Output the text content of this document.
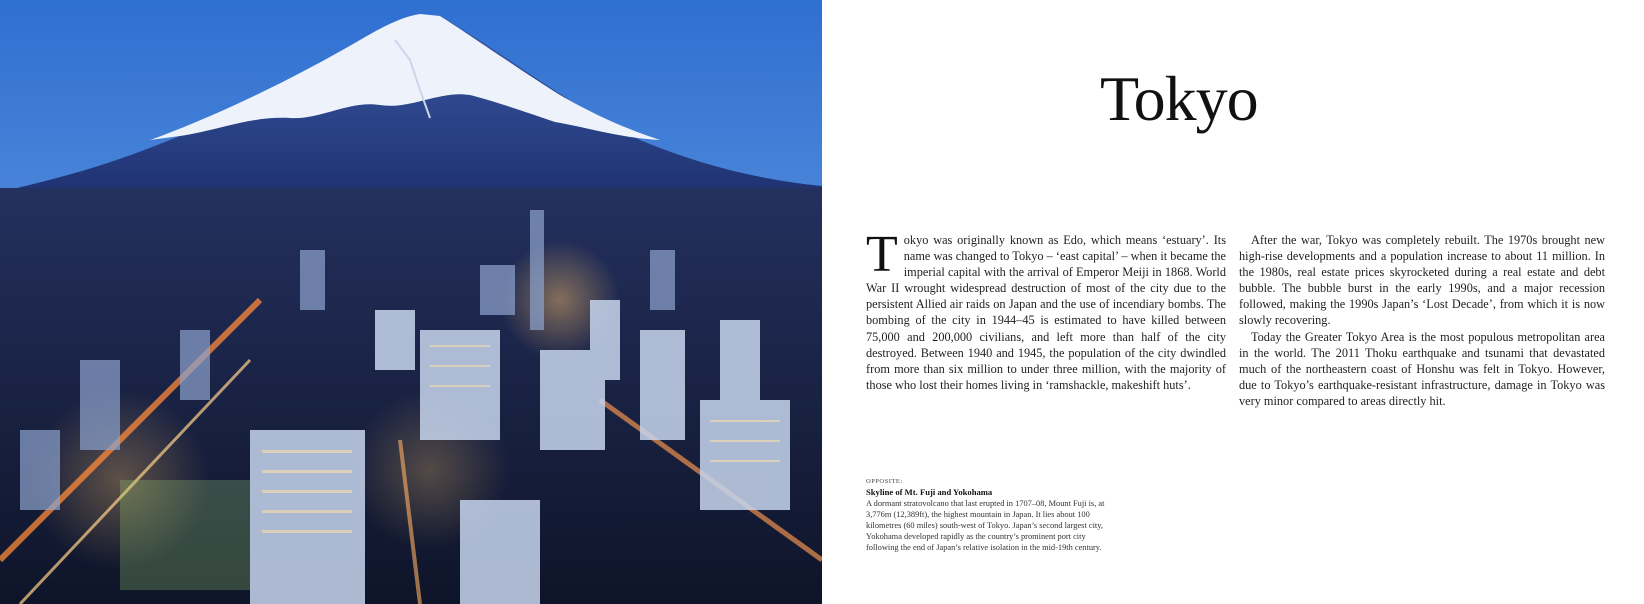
Tokyo

Tokyo was originally known as Edo, which means ‘estuary’. Its name was changed to Tokyo – ‘east capital’ – when it became the imperial capital with the arrival of Emperor Meiji in 1868. World War II wrought widespread destruction of most of the city due to the persistent Allied air raids on Japan and the use of incendiary bombs. The bombing of the city in 1944–45 is estimated to have killed between 75,000 and 200,000 civilians, and left more than half of the city destroyed. Between 1940 and 1945, the population of the city dwindled from more than six million to under three million, with the majority of those who lost their homes living in ‘ramshackle, makeshift huts’.

After the war, Tokyo was completely rebuilt. The 1970s brought new high-rise developments and a population increase to about 11 million. In the 1980s, real estate prices skyrocketed during a real estate and debt bubble. The bubble burst in the early 1990s, and a major recession followed, making the 1990s Japan’s ‘Lost Decade’, from which it is now slowly recovering.

Today the Greater Tokyo Area is the most populous metropolitan area in the world. The 2011 Thoku earthquake and tsunami that devastated much of the northeastern coast of Honshu was felt in Tokyo. However, due to Tokyo’s earthquake-resistant infrastructure, damage in Tokyo was very minor compared to areas directly hit.

OPPOSITE:
Skyline of Mt. Fuji and Yokohama
A dormant stratovolcano that last erupted in 1707–08, Mount Fuji is, at 3,776m (12,389ft), the highest mountain in Japan. It lies about 100 kilometres (60 miles) south-west of Tokyo. Japan’s second largest city, Yokohama developed rapidly as the country’s prominent port city following the end of Japan’s relative isolation in the mid-19th century.
